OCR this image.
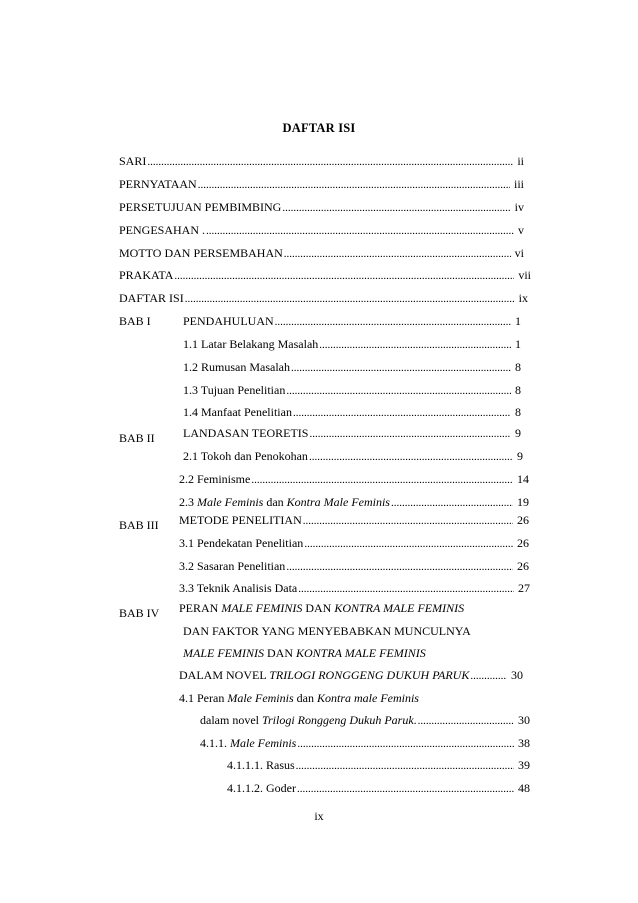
DAFTAR ISI
SARI .....	ii
PERNYATAAN .....	iii
PERSETUJUAN PEMBIMBING .....	iv
PENGESAHAN . .....	v
MOTTO DAN PERSEMBAHAN .....	vi
PRAKATA .....	vii
DAFTAR ISI .....	ix
BAB I	PENDAHULUAN .....	1
1.1 Latar Belakang Masalah .....	1
1.2 Rumusan Masalah .....	8
1.3 Tujuan Penelitian .....	8
1.4 Manfaat Penelitian .....	8
BAB II LANDASAN TEORETIS .....	9
2.1 Tokoh dan Penokohan .....	9
2.2 Feminisme .....	14
2.3 Male Feminis dan Kontra Male Feminis .....	19
BAB III METODE PENELITIAN .....	26
3.1 Pendekatan Penelitian .....	26
3.2 Sasaran Penelitian .....	26
3.3 Teknik Analisis Data .....	27
BAB IV PERAN MALE FEMINIS DAN KONTRA MALE FEMINIS
DAN FAKTOR YANG MENYEBABKAN MUNCULNYA
MALE FEMINIS DAN KONTRA MALE FEMINIS
DALAM NOVEL TRILOGI RONGGENG DUKUH PARUK .....	30
4.1 Peran Male Feminis dan Kontra male Feminis
dalam novel Trilogi Ronggeng Dukuh Paruk. .....	30
4.1.1. Male Feminis .....	38
4.1.1.1. Rasus .....	39
4.1.1.2. Goder .....	48
ix
